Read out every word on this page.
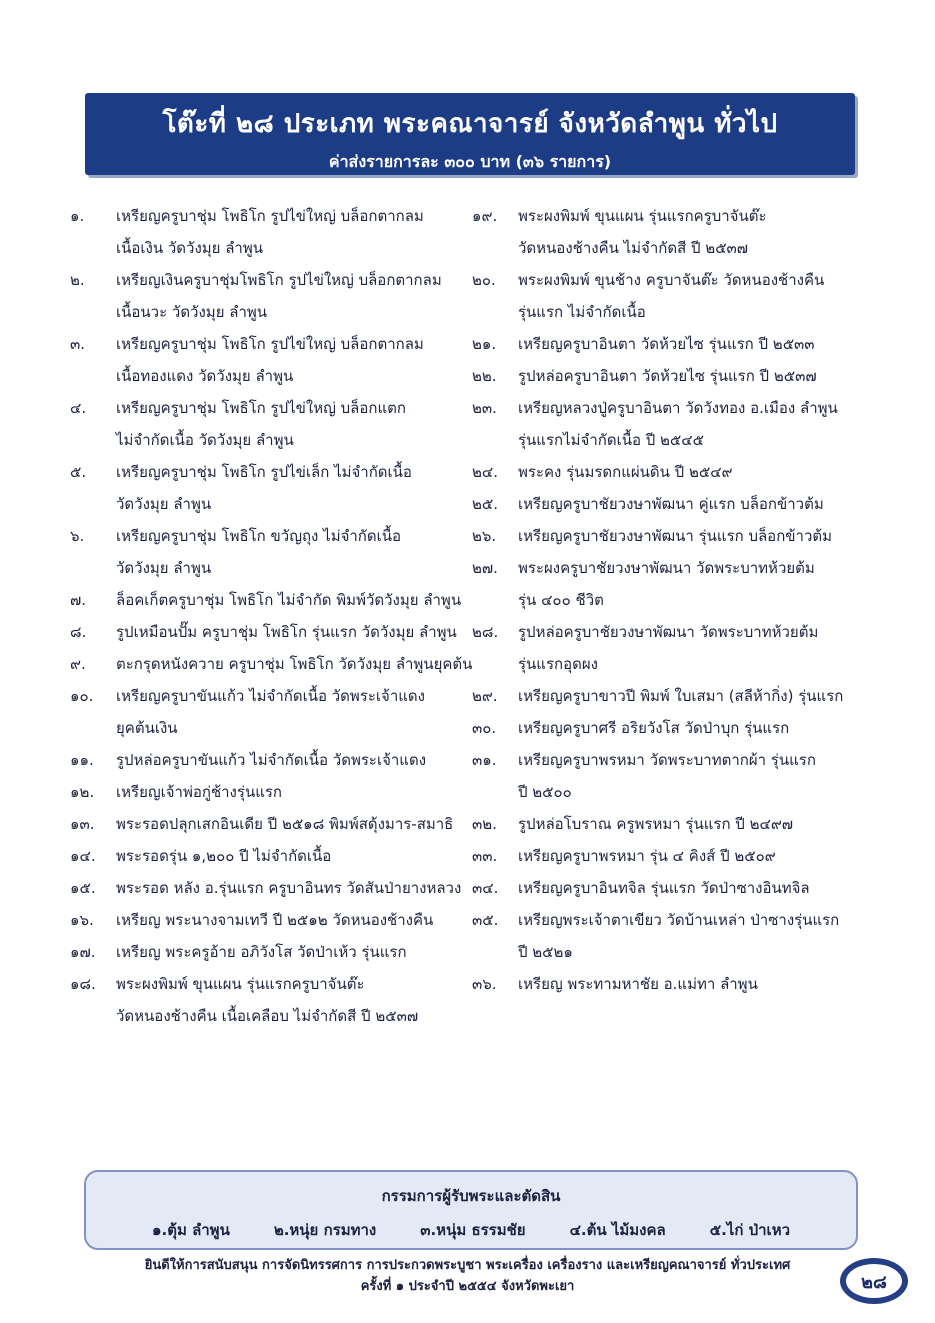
โต๊ะที่ ๒๘ ประเภท พระคณาจารย์ จังหวัดลำพูน ทั่วไป
ค่าส่งรายการละ ๓๐๐ บาท (๓๖ รายการ)
๑.	เหรียญครูบาชุ่ม โพธิโก รูปไข่ใหญ่ บล็อกตากลม
เนื้อเงิน วัดวังมุย ลำพูน
๒.	เหรียญเงินครูบาชุ่มโพธิโก รูปไข่ใหญ่ บล็อกตากลม
เนื้อนวะ วัดวังมุย ลำพูน
๓.	เหรียญครูบาชุ่ม โพธิโก รูปไข่ใหญ่ บล็อกตากลม
เนื้อทองแดง วัดวังมุย ลำพูน
๔.	เหรียญครูบาชุ่ม โพธิโก รูปไข่ใหญ่ บล็อกแตก
ไม่จำกัดเนื้อ วัดวังมุย ลำพูน
๕.	เหรียญครูบาชุ่ม โพธิโก รูปไข่เล็ก ไม่จำกัดเนื้อ
วัดวังมุย ลำพูน
๖.	เหรียญครูบาชุ่ม โพธิโก ขวัญถุง ไม่จำกัดเนื้อ
วัดวังมุย ลำพูน
๗.	ล็อคเก็ตครูบาชุ่ม โพธิโก ไม่จำกัด พิมพ์วัดวังมุย ลำพูน
๘.	รูปเหมือนปั๊ม ครูบาชุ่ม โพธิโก รุ่นแรก วัดวังมุย ลำพูน
๙.	ตะกรุดหนังควาย ครูบาชุ่ม โพธิโก วัดวังมุย ลำพูนยุคต้น
๑๐.	เหรียญครูบาขันแก้ว ไม่จำกัดเนื้อ วัดพระเจ้าแดง
ยุคต้นเงิน
๑๑.	รูปหล่อครูบาขันแก้ว ไม่จำกัดเนื้อ วัดพระเจ้าแดง
๑๒.	เหรียญเจ้าพ่อกู่ช้างรุ่นแรก
๑๓.	พระรอดปลุกเสกอินเดีย ปี ๒๕๑๘ พิมพ์สดุ้งมาร-สมาธิ
๑๔.	พระรอดรุ่น ๑,๒๐๐ ปี ไม่จำกัดเนื้อ
๑๕.	พระรอด หลัง อ.รุ่นแรก ครูบาอินทร วัดสันป่ายางหลวง
๑๖.	เหรียญ พระนางจามเทวี ปี ๒๕๑๒ วัดหนองช้างคืน
๑๗.	เหรียญ พระครูอ้าย อภิวังโส วัดป่าเห้ว รุ่นแรก
๑๘.	พระผงพิมพ์ ขุนแผน รุ่นแรกครูบาจันต๊ะ
วัดหนองช้างคืน เนื้อเคลือบ ไม่จำกัดสี ปี ๒๕๓๗
๑๙.	พระผงพิมพ์ ขุนแผน รุ่นแรกครูบาจันต๊ะ
วัดหนองช้างคืน ไม่จำกัดสี ปี ๒๕๓๗
๒๐.	พระผงพิมพ์ ขุนช้าง ครูบาจันต๊ะ วัดหนองช้างคืน
รุ่นแรก ไม่จำกัดเนื้อ
๒๑.	เหรียญครูบาอินตา วัดห้วยไซ รุ่นแรก ปี ๒๕๓๓
๒๒.	รูปหล่อครูบาอินตา วัดห้วยไซ รุ่นแรก ปี ๒๕๓๗
๒๓.	เหรียญหลวงปู่ครูบาอินตา วัดวังทอง อ.เมือง ลำพูน
รุ่นแรกไม่จำกัดเนื้อ ปี ๒๕๔๕
๒๔.	พระคง รุ่นมรดกแผ่นดิน ปี ๒๕๔๙
๒๕.	เหรียญครูบาชัยวงษาพัฒนา คู่แรก บล็อกข้าวต้ม
๒๖.	เหรียญครูบาชัยวงษาพัฒนา รุ่นแรก บล็อกข้าวต้ม
๒๗.	พระผงครูบาชัยวงษาพัฒนา วัดพระบาทห้วยต้ม
รุ่น ๔๐๐ ชีวิต
๒๘.	รูปหล่อครูบาชัยวงษาพัฒนา วัดพระบาทห้วยต้ม
รุ่นแรกอุดผง
๒๙.	เหรียญครูบาขาวปี พิมพ์ ใบเสมา (สลีห้ากิ่ง) รุ่นแรก
๓๐.	เหรียญครูบาศรี อริยวังโส วัดป่าบุก รุ่นแรก
๓๑.	เหรียญครูบาพรหมา วัดพระบาทตากผ้า รุ่นแรก
ปี ๒๕๐๐
๓๒.	รูปหล่อโบราณ ครูพรหมา รุ่นแรก ปี ๒๔๙๗
๓๓.	เหรียญครูบาพรหมา รุ่น ๔ คิงส์ ปี ๒๕๐๙
๓๔.	เหรียญครูบาอินทจิล รุ่นแรก วัดป่าซางอินทจิล
๓๕.	เหรียญพระเจ้าตาเขียว วัดบ้านเหล่า ป่าซางรุ่นแรก
ปี ๒๕๒๑
๓๖.	เหรียญ พระทามหาชัย อ.แม่ทา ลำพูน
กรรมการผู้รับพระและตัดสิน
๑.ตุ้ม ลำพูน	๒.หนุ่ย กรมทาง	๓.หนุ่ม ธรรมชัย	๔.ต้น ไม้มงคล	๕.ไก่ ป่าเหว
ยินดีให้การสนับสนุน การจัดนิทรรศการ การประกวดพระบูชา พระเครื่อง เครื่องราง และเหรียญคณาจารย์ ทั่วประเทศ
ครั้งที่ ๑ ประจำปี ๒๕๕๔ จังหวัดพะเยา	๒๘
